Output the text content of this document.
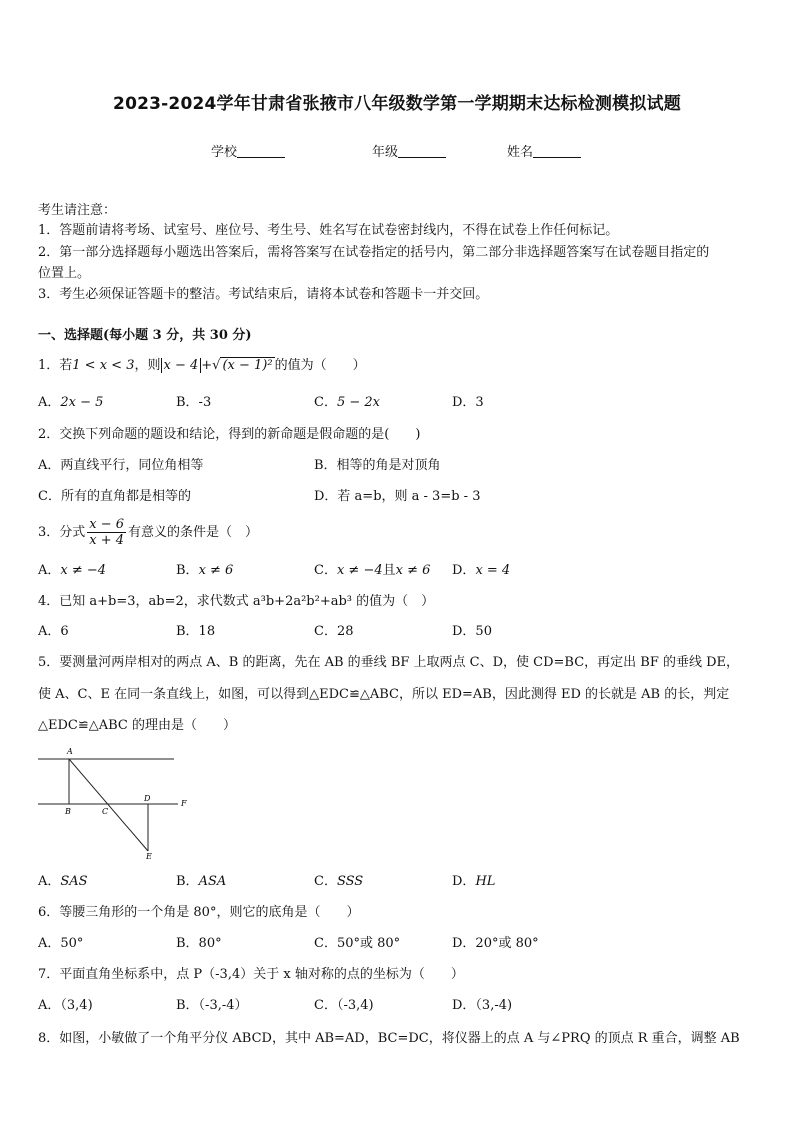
2023-2024学年甘肃省张掖市八年级数学第一学期期末达标检测模拟试题
学校	年级	姓名
考生请注意：
1．答题前请将考场、试室号、座位号、考生号、姓名写在试卷密封线内，不得在试卷上作任何标记。
2．第一部分选择题每小题选出答案后，需将答案写在试卷指定的括号内，第二部分非选择题答案写在试卷题目指定的
位置上。
3．考生必须保证答题卡的整洁。考试结束后，请将本试卷和答题卡一并交回。
一、选择题(每小题 3 分，共 30 分)
1．若1 < x < 3，则 x − 4 +√ (x − 1)² 的值为（　　）
A．2x − 5	B．-3	C．5 − 2x	D．3
2．交换下列命题的题设和结论，得到的新命题是假命题的是(　　)
A．两直线平行，同位角相等	B．相等的角是对顶角
C．所有的直角都是相等的	D．若 a=b，则 a - 3=b - 3
3．分式 $\frac{x - 6}{x + 4}$ 有意义的条件是（　）
A．x ≠ −4	B．x ≠ 6	C．x ≠ −4且x ≠ 6 D．x = 4
4．已知 a+b=3，ab=2，求代数式 a³b+2a²b²+ab³ 的值为（　）
A．6	B．18	C．28	D．50
5．要测量河两岸相对的两点 A、B 的距离，先在 AB 的垂线 BF 上取两点 C、D，使 CD=BC，再定出 BF 的垂线 DE，
使 A、C、E 在同一条直线上，如图，可以得到△EDC≌△ABC，所以 ED=AB，因此测得 ED 的长就是 AB 的长，判定
△EDC≌△ABC 的理由是（　　）
A
B	C
D
E
F
A．SAS	B．ASA	C．SSS	D．HL
6．等腰三角形的一个角是 80°，则它的底角是（　　）
A．50°	B．80°	C．50°或 80°	D．20°或 80°
7．平面直角坐标系中，点 P（-3,4）关于 x 轴对称的点的坐标为（　　）
A．（3,4)	B．（-3,-4）	C．（-3,4)	D．（3,-4)
8．如图，小敏做了一个角平分仪 ABCD，其中 AB=AD，BC=DC，将仪器上的点 A 与∠PRQ 的顶点 R 重合，调整 AB
